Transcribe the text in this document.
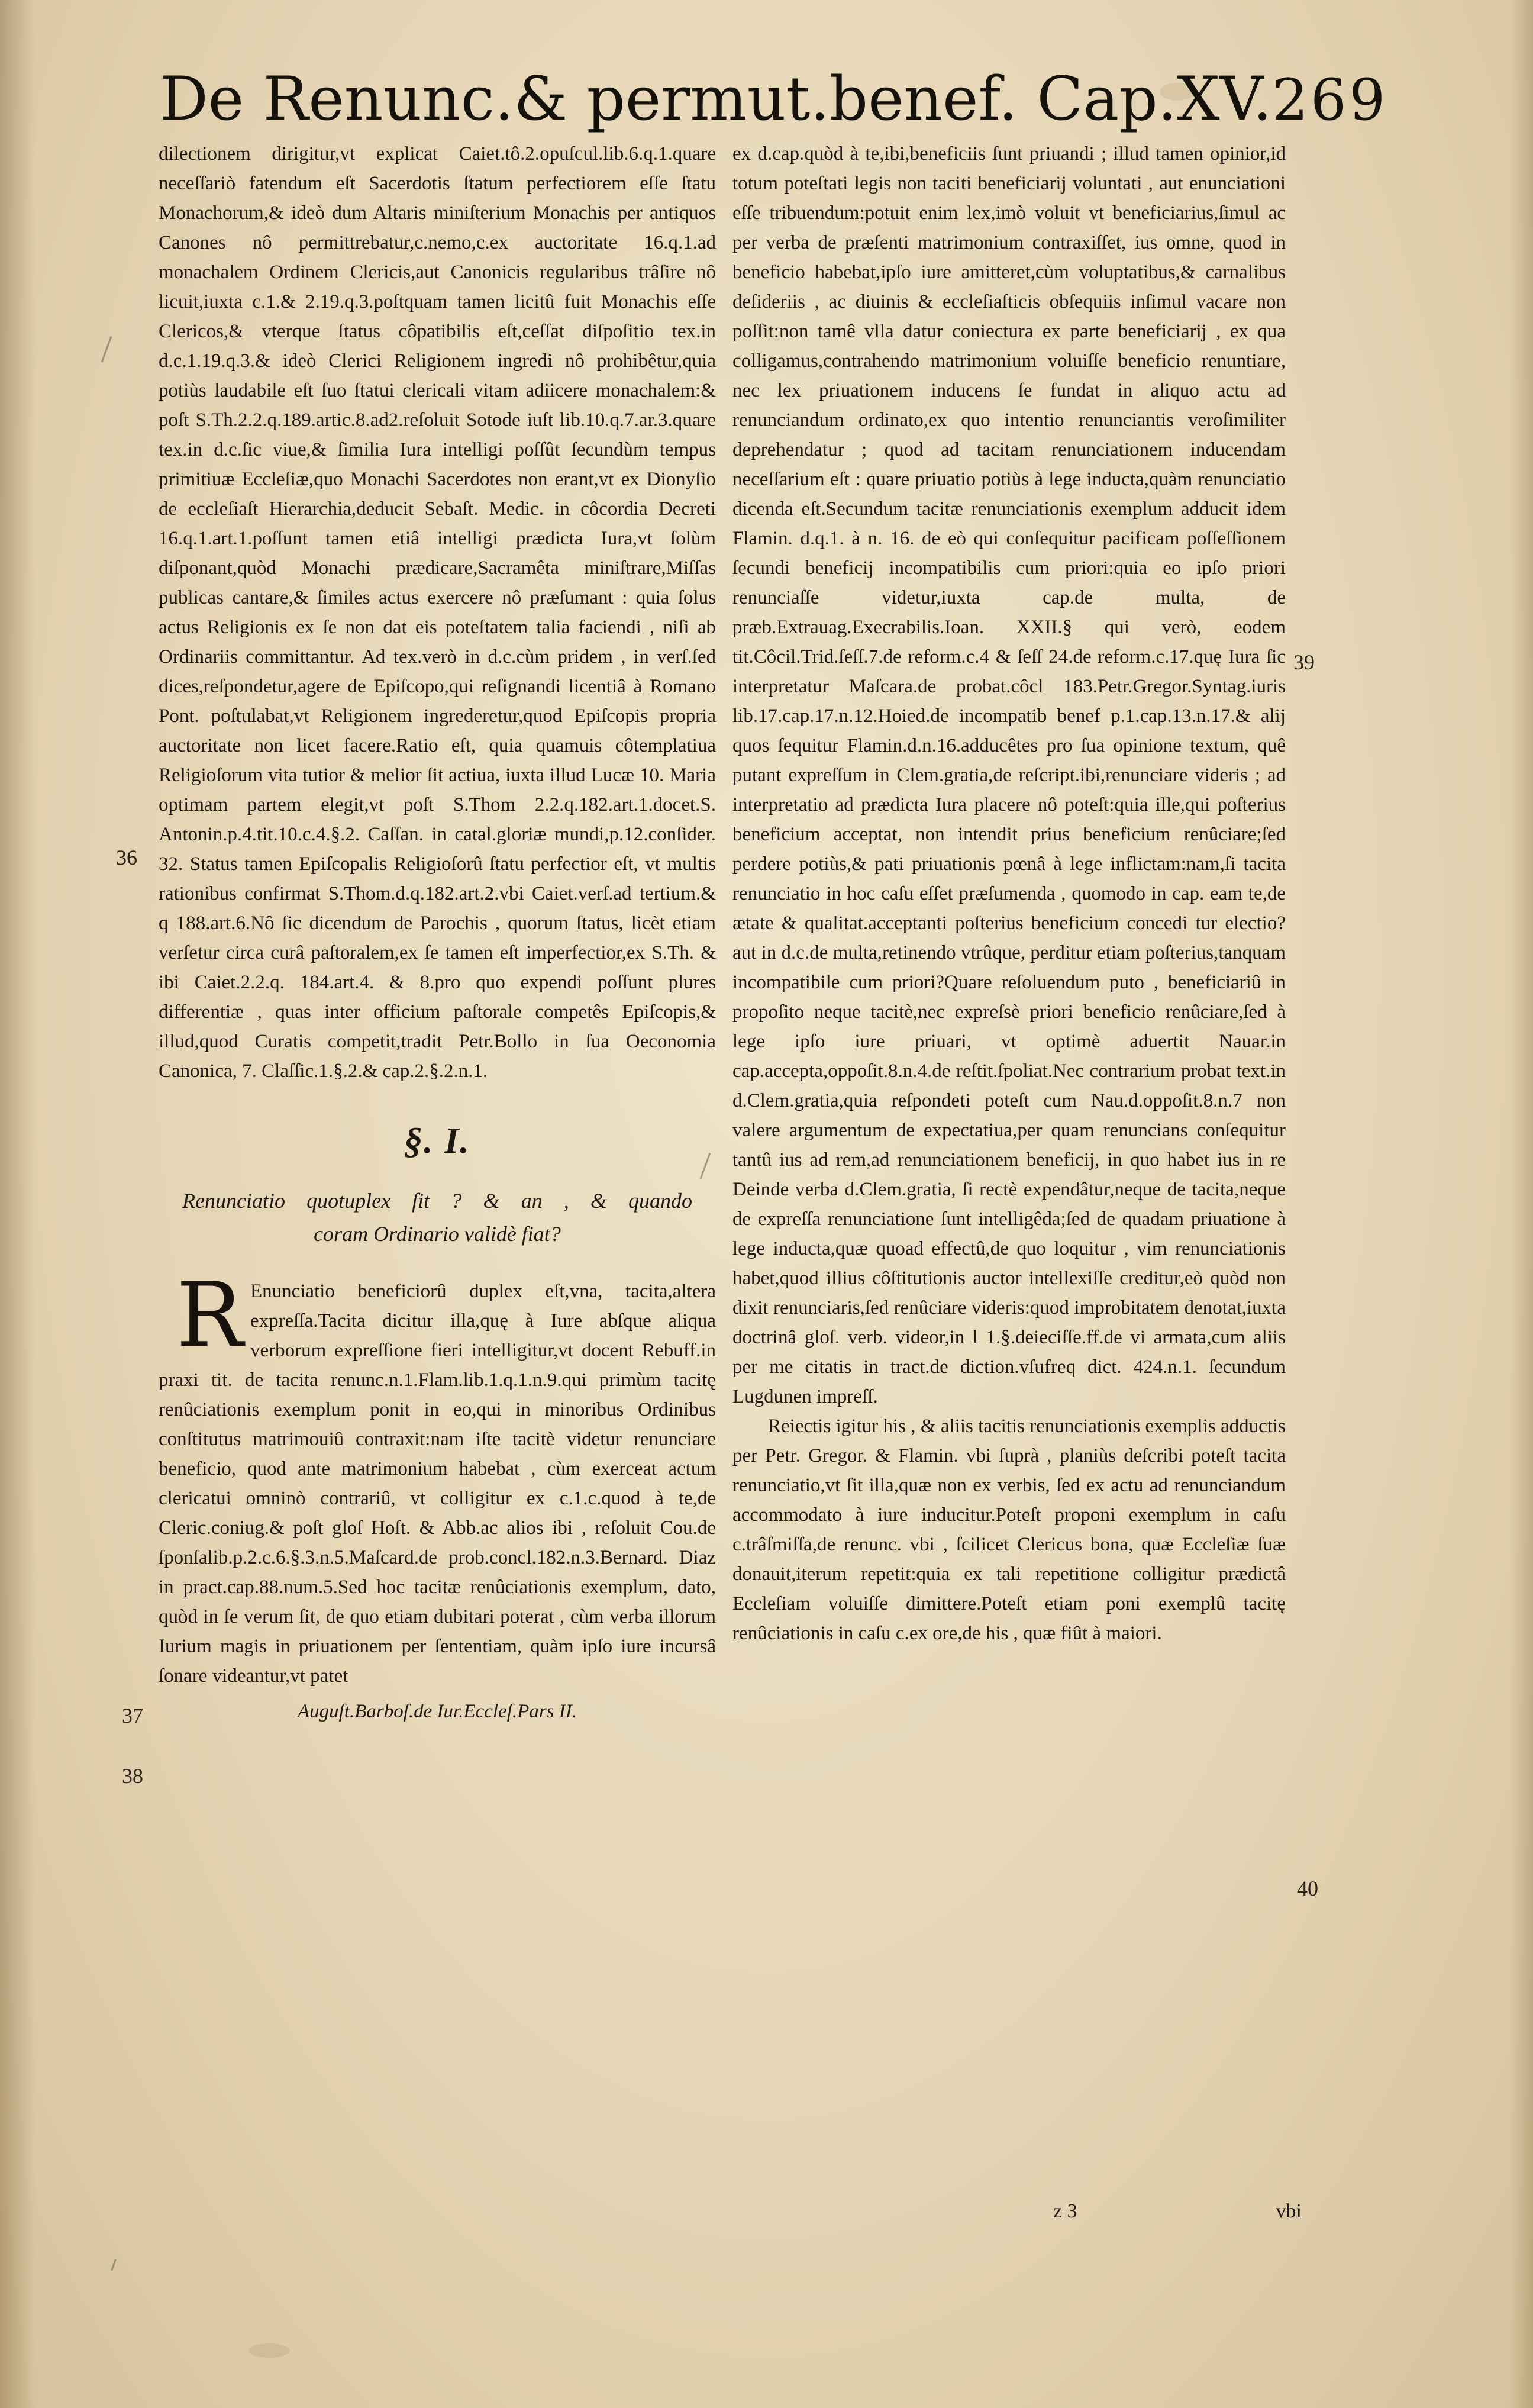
De Renunc.& permut.benef. Cap.XV. 269

dilectionem dirigitur,vt explicat Caiet.tô.2.opuſcul.lib.6.q.1.quare neceſſariò fatendum eſt Sacerdotis ſtatum perfectiorem eſſe ſtatu Monachorum,& ideò dum Altaris miniſterium Monachis per antiquos Canones nô permittrebatur,c.nemo,c.ex auctoritate 16.q.1.ad monachalem Ordinem Clericis,aut Canonicis regularibus trâſire nô licuit,iuxta c.1.& 2.19.q.3.poſtquam tamen licitû fuit Monachis eſſe Clericos,& vterque ſtatus côpatibilis eſt,ceſſat diſpoſitio tex.in d.c.1.19.q.3.& ideò Clerici Religionem ingredi nô prohibêtur,quia potiùs laudabile eſt ſuo ſtatui clericali vitam adiicere monachalem:& poſt S.Th.2.2.q.189.artic.8.ad2.reſoluit Sotode iuſt lib.10.q.7.ar.3.quare tex.in d.c.ſic viue,& ſimilia Iura intelligi poſſût ſecundùm tempus primitiuæ Eccleſiæ,quo Monachi Sacerdotes non erant,vt ex Dionyſio de eccleſiaſt Hierarchia,deducit Sebaſt. Medic. in côcordia Decreti 16.q.1.art.1.poſſunt tamen etiâ intelligi prædicta Iura,vt ſolùm diſponant,quòd Monachi prædicare,Sacramêta miniſtrare,Miſſas publicas cantare,& ſimiles actus exercere nô præſumant : quia ſolus actus Religionis ex ſe non dat eis poteſtatem talia faciendi , niſi ab Ordinariis committantur. Ad tex.verò in d.c.cùm pridem , in verſ.ſed dices,reſpondetur,agere de Epiſcopo,qui reſignandi licentiâ à Romano Pont. poſtulabat,vt Religionem ingrederetur,quod Epiſcopis propria auctoritate non licet facere.Ratio eſt, quia quamuis côtemplatiua Religioſorum vita tutior & melior ſit actiua, iuxta illud Lucæ 10. Maria optimam partem elegit,vt poſt S.Thom 2.2.q.182.art.1.docet.S. Antonin.p.4.tit.10.c.4.§.2. Caſſan. in catal.gloriæ mundi,p.12.conſider. 32. Status tamen Epiſcopalis Religioſorû ſtatu perfectior eſt, vt multis rationibus confirmat S.Thom.d.q.182.art.2.vbi Caiet.verſ.ad tertium.& q 188.art.6.Nô ſic dicendum de Parochis , quorum ſtatus, licèt etiam verſetur circa curâ paſtoralem,ex ſe tamen eſt imperfectior,ex S.Th. & ibi Caiet.2.2.q. 184.art.4. & 8.pro quo expendi poſſunt plures differentiæ , quas inter officium paſtorale competês Epiſcopis,& illud,quod Curatis competit,tradit Petr.Bollo in ſua Oeconomia Canonica, 7. Claſſic.1.§.2.& cap.2.§.2.n.1.

§. I.

Renunciatio quotuplex ſit ? & an , & quando
coram Ordinario validè fiat?

R Enunciatio beneficiorû duplex eſt,vna, tacita,altera expreſſa.Tacita dicitur illa,quę à Iure abſque aliqua verborum expreſſione fieri intelligitur,vt docent Rebuff.in praxi tit. de tacita renunc.n.1.Flam.lib.1.q.1.n.9.qui primùm tacitę renûciationis exemplum ponit in eo,qui in minoribus Ordinibus conſtitutus matrimouiû contraxit:nam iſte tacitè videtur renunciare beneficio, quod ante matrimonium habebat , cùm exerceat actum clericatui omninò contrariû, vt colligitur ex c.1.c.quod à te,de Cleric.coniug.& poſt gloſ Hoſt. & Abb.ac alios ibi , reſoluit Cou.de ſponſalib.p.2.c.6.§.3.n.5.Maſcard.de prob.concl.182.n.3.Bernard. Diaz in pract.cap.88.num.5.Sed hoc tacitæ renûciationis exemplum, dato, quòd in ſe verum ſit, de quo etiam dubitari poterat , cùm verba illorum Iurium magis in priuationem per ſententiam, quàm ipſo iure incursâ ſonare videantur,vt patet

Auguſt.Barboſ.de Iur.Eccleſ.Pars II.

ex d.cap.quòd à te,ibi,beneficiis ſunt priuandi ; illud tamen opinior,id totum poteſtati legis non taciti beneficiarij voluntati , aut enunciationi eſſe tribuendum:potuit enim lex,imò voluit vt beneficiarius,ſimul ac per verba de præſenti matrimonium contraxiſſet, ius omne, quod in beneficio habebat,ipſo iure amitteret,cùm voluptatibus,& carnalibus deſideriis , ac diuinis & eccleſiaſticis obſequiis inſimul vacare non poſſit:non tamê vlla datur coniectura ex parte beneficiarij , ex qua colligamus,contrahendo matrimonium voluiſſe beneficio renuntiare, nec lex priuationem inducens ſe fundat in aliquo actu ad renunciandum ordinato,ex quo intentio renunciantis veroſimiliter deprehendatur ; quod ad tacitam renunciationem inducendam neceſſarium eſt : quare priuatio potiùs à lege inducta,quàm renunciatio dicenda eſt.Secundum tacitæ renunciationis exemplum adducit idem Flamin. d.q.1. à n. 16. de eò qui conſequitur pacificam poſſeſſionem ſecundi beneficij incompatibilis cum priori:quia eo ipſo priori renunciaſſe videtur,iuxta cap.de multa, de præb.Extrauag.Execrabilis.Ioan. XXII.§ qui verò, eodem tit.Côcil.Trid.ſeſſ.7.de reform.c.4 & ſeſſ 24.de reform.c.17.quę Iura ſic interpretatur Maſcara.de probat.côcl 183.Petr.Gregor.Syntag.iuris lib.17.cap.17.n.12.Hoied.de incompatib benef p.1.cap.13.n.17.& alij quos ſequitur Flamin.d.n.16.adducêtes pro ſua opinione textum, quê putant expreſſum in Clem.gratia,de reſcript.ibi,renunciare videris ; ad interpretatio ad prædicta Iura placere nô poteſt:quia ille,qui poſterius beneficium acceptat, non intendit prius beneficium renûciare;ſed perdere potiùs,& pati priuationis pœnâ à lege inflictam:nam,ſi tacita renunciatio in hoc caſu eſſet præſumenda , quomodo in cap. eam te,de ætate & qualitat.acceptanti poſterius beneficium concedi tur electio?aut in d.c.de multa,retinendo vtrûque, perditur etiam poſterius,tanquam incompatibile cum priori?Quare reſoluendum puto , beneficiariû in propoſito neque tacitè,nec expreſsè priori beneficio renûciare,ſed à lege ipſo iure priuari, vt optimè aduertit Nauar.in cap.accepta,oppoſit.8.n.4.de reſtit.ſpoliat.Nec contrarium probat text.in d.Clem.gratia,quia reſpondeti poteſt cum Nau.d.oppoſit.8.n.7 non valere argumentum de expectatiua,per quam renuncians conſequitur tantû ius ad rem,ad renunciationem beneficij, in quo habet ius in re Deinde verba d.Clem.gratia, ſi rectè expendâtur,neque de tacita,neque de expreſſa renunciatione ſunt intelligêda;ſed de quadam priuatione à lege inducta,quæ quoad effectû,de quo loquitur , vim renunciationis habet,quod illius côſtitutionis auctor intellexiſſe creditur,eò quòd non dixit renunciaris,ſed renûciare videris:quod improbitatem denotat,iuxta doctrinâ gloſ. verb. videor,in l 1.§.deieciſſe.ff.de vi armata,cum aliis per me citatis in tract.de diction.vſufreq dict. 424.n.1. ſecundum Lugdunen impreſſ.

Reiectis igitur his , & aliis tacitis renunciationis exemplis adductis per Petr. Gregor. & Flamin. vbi ſuprà , planiùs deſcribi poteſt tacita renunciatio,vt ſit illa,quæ non ex verbis, ſed ex actu ad renunciandum accommodato à iure inducitur.Poteſt proponi exemplum in caſu c.trâſmiſſa,de renunc. vbi , ſcilicet Clericus bona, quæ Eccleſiæ ſuæ donauit,iterum repetit:quia ex tali repetitione colligitur prædictâ Eccleſiam voluiſſe dimittere.Poteſt etiam poni exemplû tacitę renûciationis in caſu c.ex ore,de his , quæ fiût à maiori.

36
37
38
39
40
z 3	vbi
